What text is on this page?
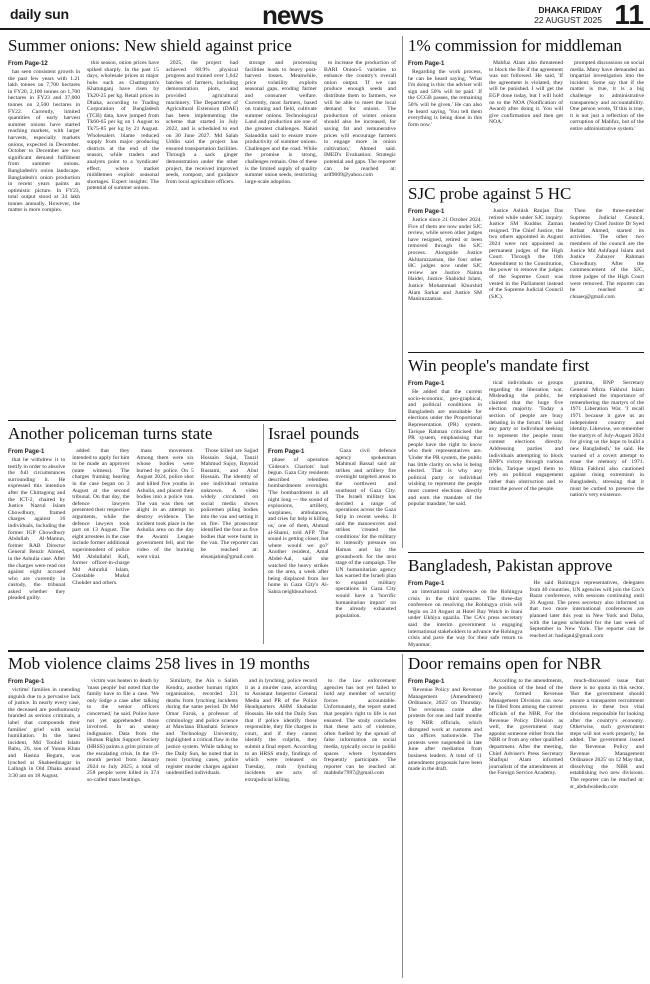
daily sun	news	DHAKA FRIDAY
22 AUGUST 2025 11
Summer onions: New shield against price

From Page-12

has seen consistent growth in the past few years with 1.21 lakh tonnes on 7,700 hectares in FY20, 2,100 tonnes on 1,700 hectares in FY23 and 37,000 tonnes on 2,500 hectares in FY22. Currently, limited quantities of early harvest summer onions have started reaching markets, with larger harvests, especially markets onions, expected in December. October to December are two significant demand fulfilment from summer onions. Bangladesh's onion landscape. Bangladesh's onion production in recent years paints an optimistic picture. In FY23, total output stood at 34 lakh tonnes annually. However, the matter is more complex.

this season, onion prices have spiked sharply. In the past 15 days, wholesale prices at major hubs such as Chattogram's Khatunganj have risen by Tk20-25 per kg. Retail prices in Dhaka, according to Trading Corporation of Bangladesh (TCB) data, have jumped from Tk60-65 per kg on 1 August to Tk75-85 per kg by 21 August. Wholesalers blame reduced supply from major producing districts at the end of the season, while traders and analysts point to a 'syndicate' effect, where market middlemen exploit seasonal shortages. Expert insights: The potential of summer onions.

2025, the project had achieved 68.9% physical progress and trained over 1,642 batches of farmers, including demonstration plots, and provided agricultural machinery. The Department of Agricultural Extension (DAE) has been implementing the scheme that started in July 2022, and is scheduled to end on 30 June 2027. Md Salah Uddin said the project has ensured transportation facilities. Through a sack ginger demonstration under the other project, the received improved seeds, compost, and guidance from local agriculture officers.

storage and processing facilities leads to heavy post-harvest losses. Meanwhile, price volatility exploits seasonal gaps, eroding farmer and consumer welfare. Currently, most farmers, based on training and field, cultivate summer onions. Technological Land and production are one of the greatest challenges. Nahid Salauddin said to ensure more productivity of summer onions. Challenges and the road. While the promise is strong, challenges remain. One of these is the limited supply of quality summer onion seeds, restricting large-scale adoption.

to increase the production of BARI Onion-5 varieties to enhance the country's overall onion output. 'If we can produce enough seeds and distribute them to farmers, we will be able to meet the local demand for onions. The production of winter onions should also be increased, for saving fat and remunerative prices will encourage farmers to engage more in onion cultivation,' Ahmed said. IMED's Evaluation: Strategic potential and gaps. The reporter can be reached at: arif9009@yahoo.com

1% commission for middleman

From Page-1

Regarding the work process, he can be heard saying, 'What I'm doing is this: the adviser will sign and 50% will be paid.' If the CCGB passes, the remaining 50% will be given.' He can also be heard saying, 'You tell them everything is being done in this form now.'

Mahfuz Alam also threatened to block the file if the agreement was not followed. He said, 'If the agreement is violated, they will be punished. I will get the EGP done today, but I will hold on to the NOA (Notification of Award) after doing it. You will give confirmation and then get NOA.'

prompted discussions on social media. Many have demanded an impartial investigation into the incident. Some say that if the matter is true, it is a big challenge to administrative transparency and accountability. One person wrote, 'If this is true, it is not just a reflection of the corruption of Mahfuz, but of the entire administrative system.'

SJC probe against 5 HC

From Page-1

Justice since 21 October 2024. Five of them are now under SJC review, while seven other judges have resigned, retired or been removed through the SJC process. Alongside Justice Akhtaruzzaman, the four other HC judges now under SJC review are Justice Naima Haider, Justice Shahidul Islam, Justice Mohammad Khurshid Alam Sarkar and Justice SM Maniruzzaman.

Justice Ashish Ranjan Das retired while under SJC inquiry. Justice SM Kuddus Zaman resigned. The Chief Justice, the two others appointed in August 2024 were not appointed as permanent judges of the High Court. Through the 16th Amendment to the Constitution, the power to remove the judges of the Supreme Court was vested in the Parliament instead of the Supreme Judicial Council (SJC).

Then the three-member Supreme Judicial Council, headed by Chief Justice Dr Syed Refaat Ahmed, started its activities. The other two members of the council are the Justice Md Ashfaqul Islam and Justice Zubayer Rahman Chowdhury. After the commencement of the SJC, three judges of the High Court were removed. The reporter can be reached at: chnaeq@gmail.com

Win people's mandate first

From Page-1

He added that the current socio-economic, geo-graphical, and political conditions in Bangladesh are unsuitable for elections under the Proportional Representation (PR) system. Tarique Rahman criticised the PR system, emphasising that people have the right to know who their representatives are. 'Under the PR system, the public has little clarity on who is being elected. That is why any political party or individual wishing to represent the people must contest elections directly and earn the mandate of the popular mandate,' he said.

tical individuals or groups regarding the liberation war. Misleading the public, he claimed that the huge five election majority. 'Today a section of people are busy debating in the forum.' He said any party or individual seeking to represent the people must contest elections directly. Addressing parties and individuals attempting to block BNP's victory through various tricks, Tarique urged them to rely on political engagement rather than obstruction and to trust the power of the people.

gramma, BNP Secretary General Mirza Fakhrul Islam emphasised the importance of remembering the martyrs of the 1971 Liberation War. 'I recall 1971 because it gave us an independent country and identity. Likewise, we remember the martyrs of July-August 2024 for giving us the hope to build a new Bangladesh,' he said. He warned of a covert attempt to erase the memory of 1971. Mirza Fakhrul also cautioned against rising extremism in Bangladesh, stressing that it must be curbed to preserve the nation's very existence.

Another policeman turns state

From Page-1

that he withdrew it to testify in order to absolve the full circumstances surrounding it. He expressed this intention after the Chittagong and the ICT-2, chaired by Justice Nazrul Islam Chowdhury, framed charges against 16 individuals, including the former IGP Chowdhury Abdullah Al-Mamun, former RAB Director General Benzir Ahmed, in the Ashulia case. After the charges were read out against eight accused who are currently in custody, the tribunal asked whether they pleaded guilty.

added that they intended to apply for him to be made an approver (state witness). The charges framing hearing in the case began on 3 August at the second tribunal. On that day, the defence lawyers presented their respective arguments, while the defence lawyers took part on 13 August. The eight arrestees in the case include former additional superintendent of police Md Abdullahil Kafi, former officer-in-charge Md Ashraful Islam, Constable Mukul Chokder and others.

mass movement. Among them were six whose bodies were burned by police. On 5 August 2024, police shot and killed five youths in Ashulia, and placed their bodies into a police van. The van was then set alight in an attempt to destroy evidence. The incident took place in the Ashulia area on the day the Awami League government fell, and the video of the burning went viral.

Those killed are Sajjad Hossain Sajal, Tanzil Mahmud Sujoy, Bayezid Bustami, and Abul Hossain. The identity of one individual remains unknown. A video widely circulated on social media shows policemen piling bodies into the van and setting it on fire. The prosecutor identified the four as five bodies that were burnt in the van. The reporter can be reached at: ehsanjahin@gmail.com

Israel pounds

From Page-1

phase of operation 'Gideon's Chariots' had begun. Gaza City residents described relentless bombardments overnight. 'The bombardment is all night long — the sound of explosions, artillery, warplanes, ambulances, and cries for help is killing us,' one of them, Ahmad al-Shami, told AFP. 'The sound is getting closer, but where would we go?' Another resident, Amal Abdel-Aal, said she watched the heavy strikes on the area, a week after being displaced from her home in Gaza City's Al-Sabra neighbourhood.

Gaza civil defence agency spokesman Mahmud Bassal said air strikes and artillery fire overnight targeted areas to the northwest and southeast of Gaza City. The Israeli military has decided a range of operations across the Gaza Strip in recent weeks. It said the manoeuvres and strikes 'created the conditions' for the military to intensify pressure on Hamas and lay the groundwork for the next stage of the campaign. The UN humanitarian agency has warned the Israeli plan to expand military operations in Gaza City would have a 'horrific humanitarian impact' on the already exhausted population.

Bangladesh, Pakistan approve

From Page-1

an international conference on the Rohingya crisis in the third quarter. The three-day conference on resolving the Rohingya crisis will begin on 24 August at Hotel Bay Watch in Inani under Ukhiya upazila. The CA's press secretary said the interim government is engaging international stakeholders to advance the Rohingya crisis and pave the way for their safe return to Myanmar.

He said Rohingya representatives, delegates from 40 countries, UN agencies will join the Cox's Bazar conference, with sessions continuing until 26 August. The press secretary also informed us that two more international conferences are planned later this year in New York and Doha, with the largest scheduled for the last week of September in New York. The reporter can be reached at: hadiqaul@gmail.com

Mob violence claims 258 lives in 19 months

From Page-1

victims' families in unending anguish due to a pervasive lack of justice. In nearly every case, the deceased are posthumously branded as serious criminals, a label that compounds their families' grief with social humiliation. In the latest incident, Md Touhid Islam Babu, 26, son of Yunus Khan and Hasina Begum, was lynched at Shabeedinagar in Lalbagh in Old Dhaka around 3:30 am on 18 August.

victim was beaten to death by 'mass people' but noted that the family have to file a case. 'We only lodge a case after talking to the senior officers concerned,' he said. Police have not yet apprehended those involved. In an uneasy indignance. Data from the Human Rights Support Society (HRSS) paints a grim picture of the escalating crisis. In the 19-month period from January 2024 to July 2025, a total of 258 people were killed in 374 so-called mass beatings.

Similarly, the Ain o Salish Kendra, another human rights organisation, recorded 231 deaths from lynching incidents during the same period. Dr Md Omar Faruk, a professor of criminology and police science at Mawlana Bhashani Science and Technology University, highlighted a critical flaw in the justice system. While talking to the Daily Sun, he noted that in most lynching cases, police register murder charges against unidentified individuals.

and in lynching, police record it as a murder case, according to Assistant Inspector General Media and PR of the Police Headquarters AHM Shahadat Hossain. He told the Daily Sun that if police identify those responsible, they file charges in court, and if they cannot identify the culprits, they submit a final report. According to an HRSS study, findings of which were released on Tuesday, mob lynching incidents are acts of extrajudicial killing.

to the law enforcement agencies has not yet failed to hold any member of security forces accountable. Unfortunately, the report stated that people's right to life is not ensured. The study concludes that these acts of violence, often fuelled by the spread of false information on social media, typically occur in public spaces where bystanders frequently participate. The reporter can be reached at: mahbubr7997@gmail.com

Door remains open for NBR

From Page-1

'Revenue Policy and Revenue Management (Amendment) Ordinance, 2025' on Thursday. The revisions come after protests for one and half months by NBR officials, which disrupted work at customs and tax offices nationwide. The protests were suspended in late June after mediation from business leaders. A total of 11 amendment proposals have been made in the draft.

According to the amendments, the position of the head of the newly formed Revenue Management Division can now be filled from among the current officials of the NBR. For the Revenue Policy Division as well, the government may appoint someone either from the NBR or from any other qualified department. After the meeting, Chief Adviser's Press Secretary Shafiqul Alam informed journalists of the amendments at the Foreign Service Academy.

much-discussed issue that there is no quota in this sector. 'But the government should ensure a transparent recruitment process in these two vital divisions responsible for looking after the country's economy. Otherwise, such government steps will not work properly,' he added. The government issued the 'Revenue Policy and Revenue Management Ordinance 2025' on 12 May that, dissolving the NBR and establishing two new divisions. The reporter can be reached at: sr_abdulwahedn.com
